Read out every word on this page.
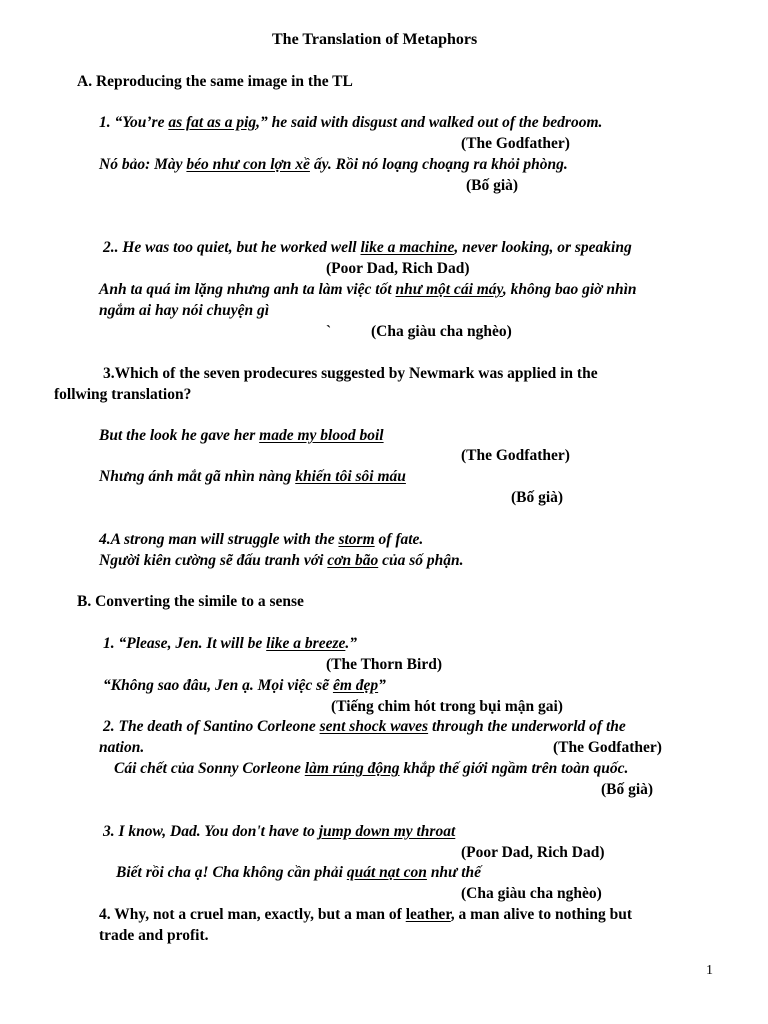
The Translation of Metaphors
A. Reproducing the same image in the TL
1. “You’re as fat as a pig,” he said with disgust and walked out of the bedroom.
(The Godfather)
Nó bảo: Mày béo như con lợn xề ấy. Rồi nó loạng choạng ra khỏi phòng.
(Bố già)
2.. He was too quiet, but he worked well like a machine, never looking, or speaking
(Poor Dad, Rich Dad)
Anh ta quá im lặng nhưng anh ta làm việc tốt như một cái máy, không bao giờ nhìn
ngắm ai hay nói chuyện gì
`	(Cha giàu cha nghèo)
3.Which of the seven prodecures suggested by Newmark was applied in the
follwing translation?
But the look he gave her made my blood boil
(The Godfather)
Nhưng ánh mắt gã nhìn nàng khiến tôi sôi máu
(Bố già)
4.A strong man will struggle with the storm of fate.
Người kiên cường sẽ đấu tranh với cơn bão của số phận.
B. Converting the simile to a sense
1. “Please, Jen. It will be like a breeze.”
(The Thorn Bird)
“Không sao đâu, Jen ạ. Mọi việc sẽ êm đẹp”
(Tiếng chim hót trong bụi mận gai)
2. The death of Santino Corleone sent shock waves through the underworld of the
nation.	(The Godfather)
Cái chết của Sonny Corleone làm rúng động khắp thế giới ngầm trên toàn quốc.
(Bố già)
3. I know, Dad. You don't have to jump down my throat
(Poor Dad, Rich Dad)
Biết rồi cha ạ! Cha không cần phải quát nạt con như thế
(Cha giàu cha nghèo)
4. Why, not a cruel man, exactly, but a man of leather, a man alive to nothing but
trade and profit.
1
